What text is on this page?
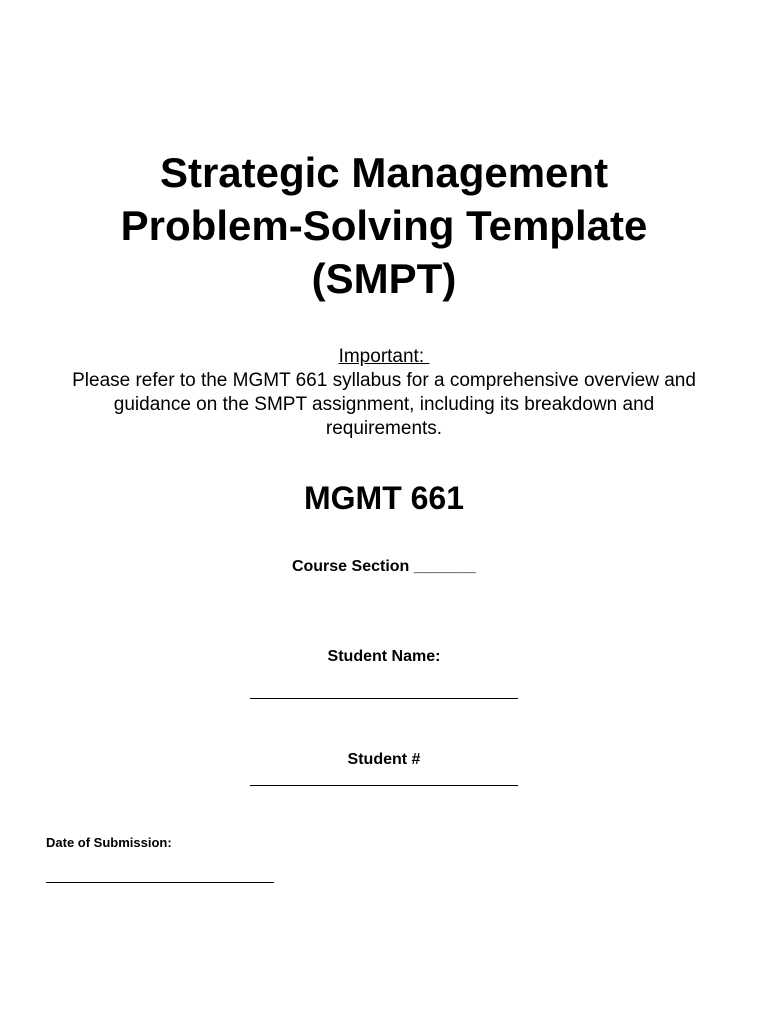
Strategic Management
Problem-Solving Template
(SMPT)
Important:
Please refer to the MGMT 661 syllabus for a comprehensive overview and
guidance on the SMPT assignment, including its breakdown and
requirements.
MGMT 661
Course Section _______
Student Name:
Student #
Date of Submission:
